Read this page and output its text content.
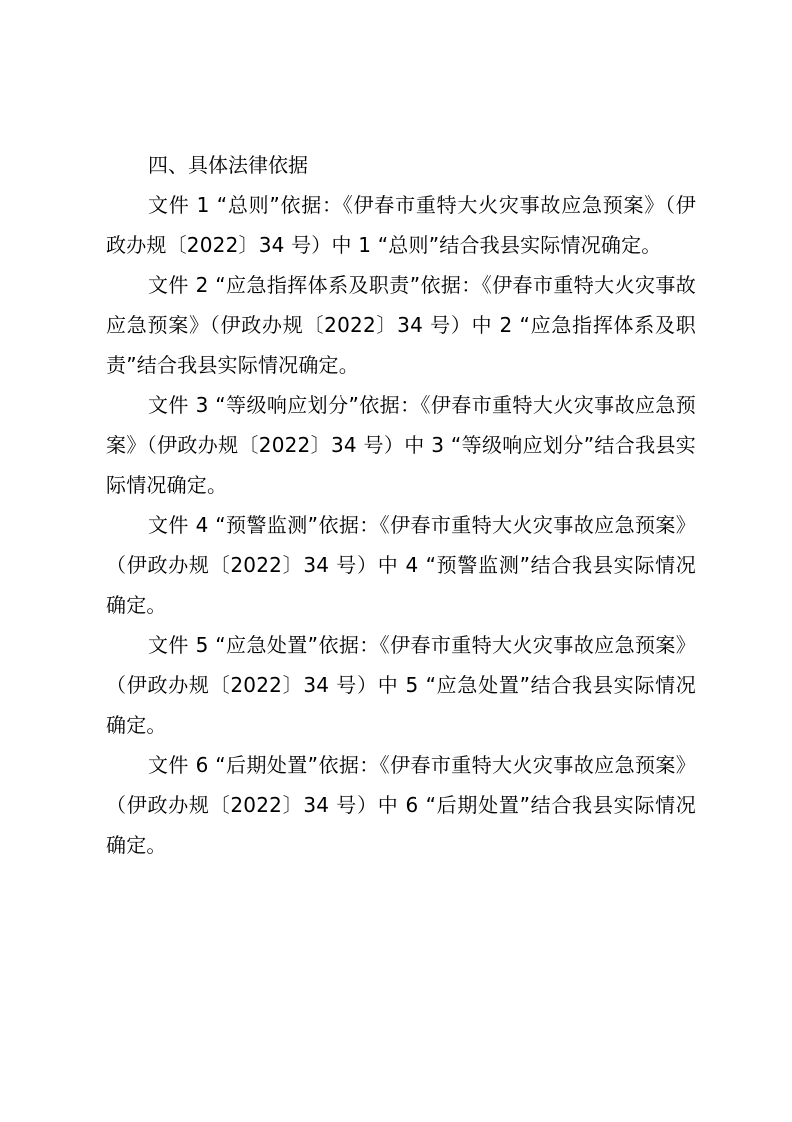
四、具体法律依据

文件 1 “总则”依据：《伊春市重特大火灾事故应急预案》（伊政办规〔2022〕34 号）中 1 “总则”结合我县实际情况确定。

文件 2 “应急指挥体系及职责”依据：《伊春市重特大火灾事故应急预案》（伊政办规〔2022〕34 号）中 2 “应急指挥体系及职责”结合我县实际情况确定。

文件 3 “等级响应划分”依据：《伊春市重特大火灾事故应急预案》（伊政办规〔2022〕34 号）中 3 “等级响应划分”结合我县实际情况确定。

文件 4 “预警监测”依据：《伊春市重特大火灾事故应急预案》（伊政办规〔2022〕34 号）中 4 “预警监测”结合我县实际情况确定。

文件 5 “应急处置”依据：《伊春市重特大火灾事故应急预案》（伊政办规〔2022〕34 号）中 5 “应急处置”结合我县实际情况确定。

文件 6 “后期处置”依据：《伊春市重特大火灾事故应急预案》（伊政办规〔2022〕34 号）中 6 “后期处置”结合我县实际情况确定。
